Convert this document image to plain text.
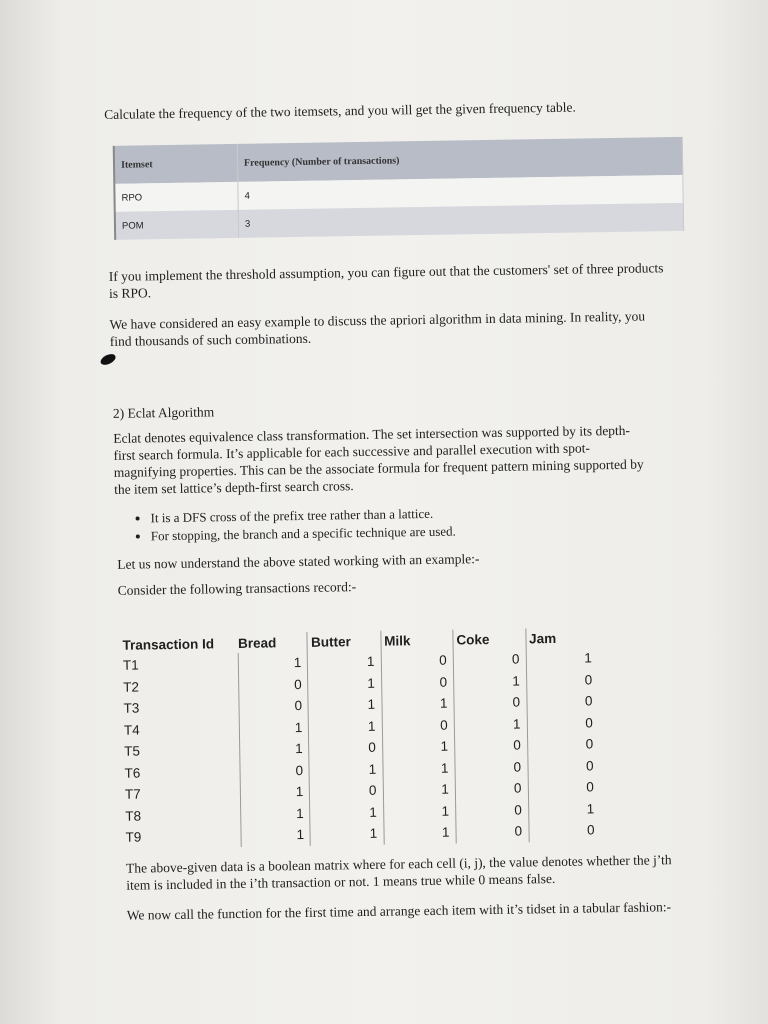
Calculate the frequency of the two itemsets, and you will get the given frequency table.

Itemset	Frequency (Number of transactions)
RPO	4
POM	3

If you implement the threshold assumption, you can figure out that the customers' set of three products is RPO.

We have considered an easy example to discuss the apriori algorithm in data mining. In reality, you find thousands of such combinations.

2) Eclat Algorithm

Eclat denotes equivalence class transformation. The set intersection was supported by its depth-first search formula. It’s applicable for each successive and parallel execution with spot-magnifying properties. This can be the associate formula for frequent pattern mining supported by the item set lattice’s depth-first search cross.

• It is a DFS cross of the prefix tree rather than a lattice.
• For stopping, the branch and a specific technique are used.

Let us now understand the above stated working with an example:-

Consider the following transactions record:-

Transaction Id	Bread	Butter	Milk	Coke	Jam
T1	1	1	0	0	1
T2	0	1	0	1	0
T3	0	1	1	0	0
T4	1	1	0	1	0
T5	1	0	1	0	0
T6	0	1	1	0	0
T7	1	0	1	0	0
T8	1	1	1	0	1
T9	1	1	1	0	0

The above-given data is a boolean matrix where for each cell (i, j), the value denotes whether the j’th item is included in the i’th transaction or not. 1 means true while 0 means false.

We now call the function for the first time and arrange each item with it’s tidset in a tabular fashion:-
